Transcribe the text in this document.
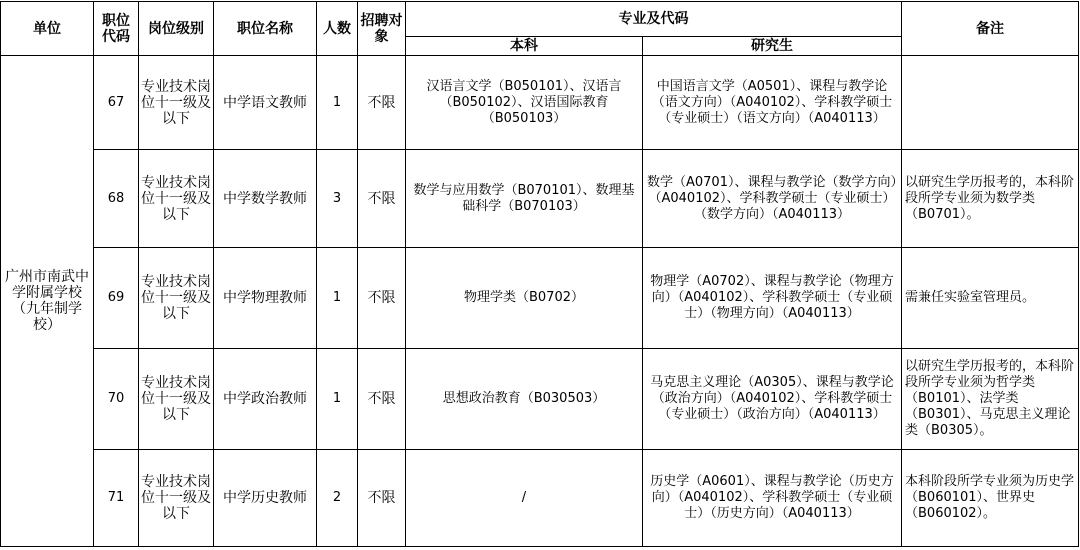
单位	职位代码	岗位级别	职位名称	人数	招聘对象	专业及代码		备注
						本科	研究生	
广州市南武中学附属学校（九年制学校）	67	专业技术岗位十一级及以下	中学语文教师	1	不限	汉语言文学（B050101）、汉语言（B050102）、汉语国际教育（B050103）	中国语言文学（A0501）、课程与教学论（语文方向）（A040102）、学科教学硕士（专业硕士）（语文方向）（A040113）	
	68	专业技术岗位十一级及以下	中学数学教师	3	不限	数学与应用数学（B070101）、数理基础科学（B070103）	数学（A0701）、课程与教学论（数学方向）（A040102）、学科教学硕士（专业硕士）（数学方向）（A040113）	以研究生学历报考的，本科阶段所学专业须为数学类 （B0701）。
	69	专业技术岗位十一级及以下	中学物理教师	1	不限	物理学类（B0702）	物理学（A0702）、课程与教学论（物理方向）（A040102）、学科教学硕士（专业硕士）（物理方向）（A040113）	需兼任实验室管理员。
	70	专业技术岗位十一级及以下	中学政治教师	1	不限	思想政治教育（B030503）	马克思主义理论（A0305）、课程与教学论（政治方向）（A040102）、学科教学硕士（专业硕士）（政治方向）（A040113）	以研究生学历报考的，本科阶段所学专业须为哲学类（B0101）、法学类（B0301）、马克思主义理论类（B0305）。
	71	专业技术岗位十一级及以下	中学历史教师	2	不限	/	历史学（A0601）、课程与教学论（历史方向）（A040102）、学科教学硕士（专业硕士）（历史方向）（A040113）	本科阶段所学专业须为历史学 （B060101）、世界史（B060102）。
